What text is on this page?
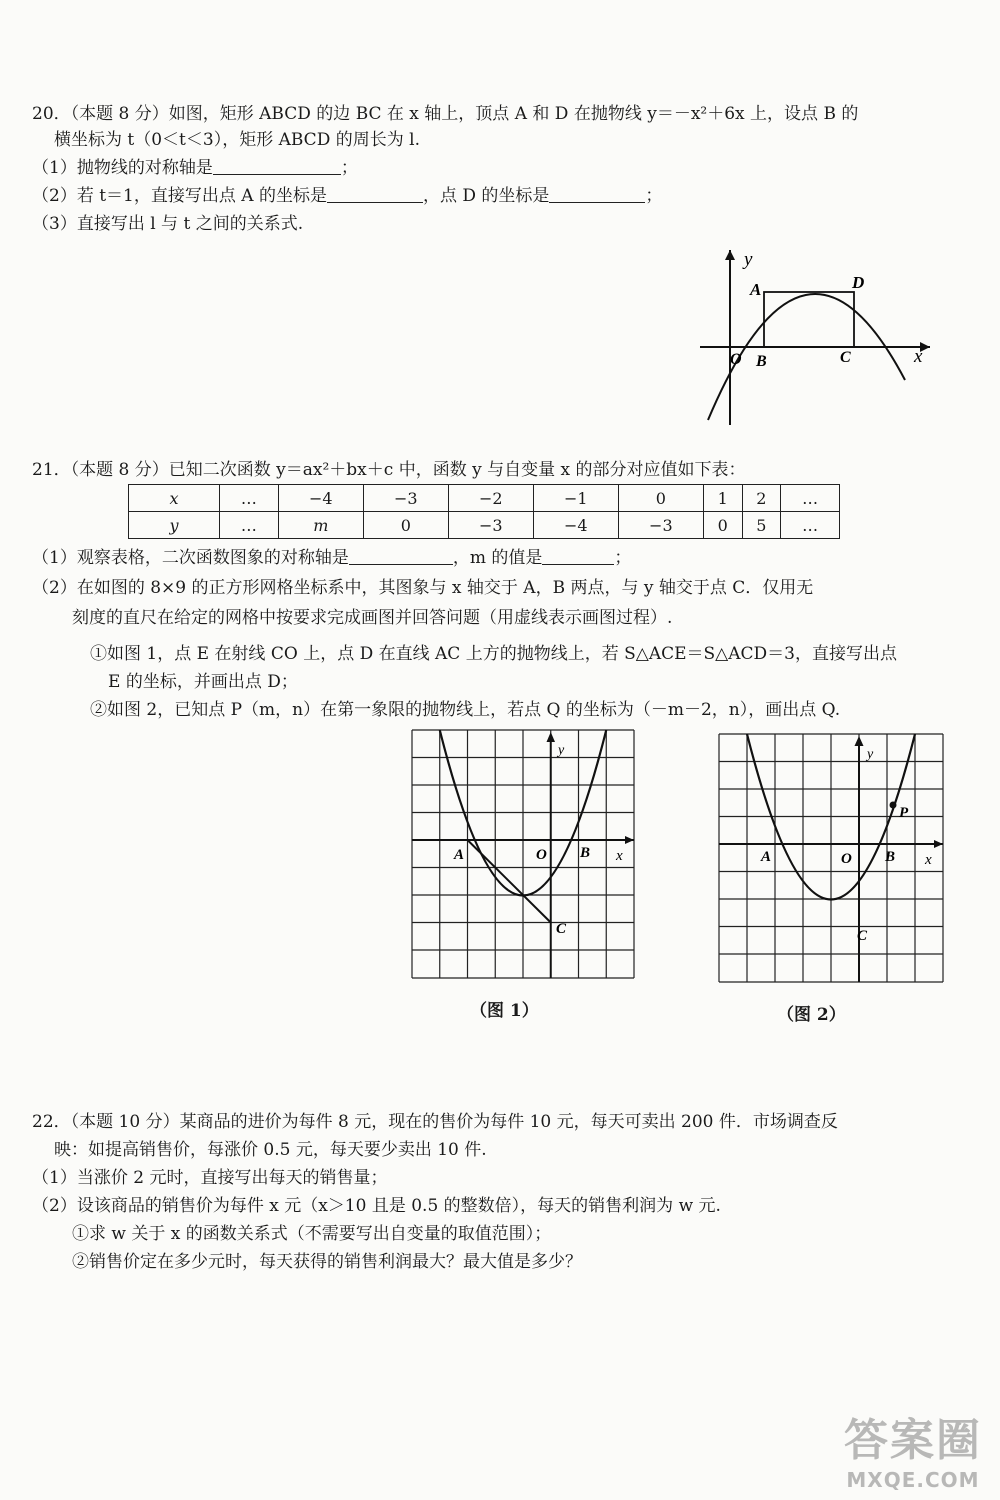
20．（本题 8 分）如图，矩形 ABCD 的边 BC 在 x 轴上，顶点 A 和 D 在抛物线 y＝－x²＋6x 上，设点 B 的
横坐标为 t（0＜t＜3），矩形 ABCD 的周长为 l.
（1）抛物线的对称轴是	；
（2）若 t＝1，直接写出点 A 的坐标是	，点 D 的坐标是	；
（3）直接写出 l 与 t 之间的关系式.
y
A	D
O B	C	x
21．（本题 8 分）已知二次函数 y＝ax²＋bx＋c 中，函数 y 与自变量 x 的部分对应值如下表：
x	…	−4	−3	−2	−1	0	1	2	…
y	…	m	0	−3	−4	−3	0	5	…
（1）观察表格，二次函数图象的对称轴是	，m 的值是	；
（2）在如图的 8×9 的正方形网格坐标系中，其图象与 x 轴交于 A，B 两点，与 y 轴交于点 C．仅用无
刻度的直尺在给定的网格中按要求完成画图并回答问题（用虚线表示画图过程）.
①如图 1，点 E 在射线 CO 上，点 D 在直线 AC 上方的抛物线上，若 S△ACE＝S△ACD＝3，直接写出点
E 的坐标，并画出点 D；
②如图 2，已知点 P（m，n）在第一象限的抛物线上，若点 Q 的坐标为（－m－2，n），画出点 Q.
y
A	O B
C
x
（图 1）
y
P
A	O B
C
x
（图 2）
22．（本题 10 分）某商品的进价为每件 8 元，现在的售价为每件 10 元，每天可卖出 200 件．市场调查反
映：如提高销售价，每涨价 0.5 元，每天要少卖出 10 件.
（1）当涨价 2 元时，直接写出每天的销售量；
（2）设该商品的销售价为每件 x 元（x＞10 且是 0.5 的整数倍），每天的销售利润为 w 元.
①求 w 关于 x 的函数关系式（不需要写出自变量的取值范围）；
②销售价定在多少元时，每天获得的销售利润最大？最大值是多少？
答案圈
MXQE.COM
